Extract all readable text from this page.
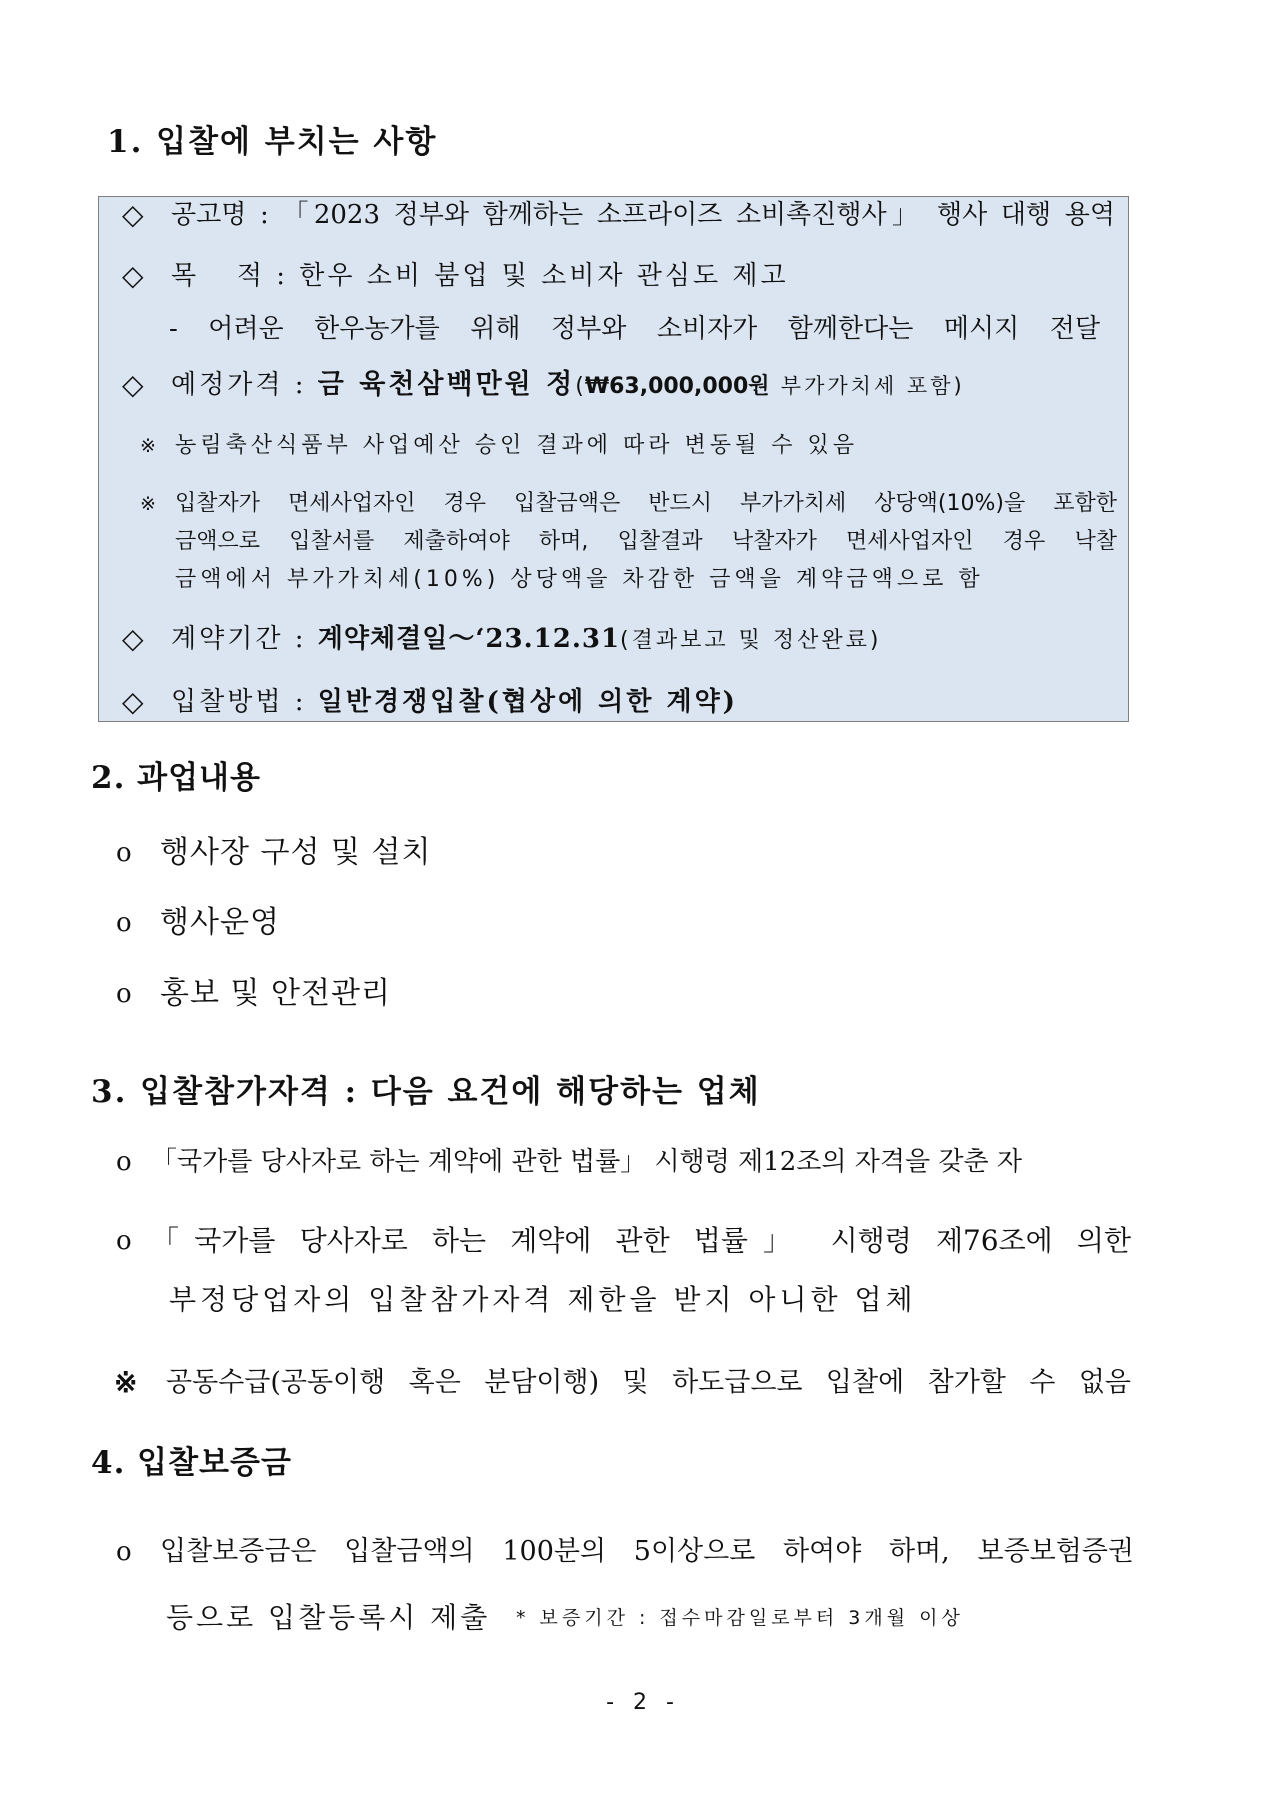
1. 입찰에 부치는 사항
◇ 공고명 : 「2023 정부와 함께하는 소프라이즈 소비촉진행사」 행사 대행 용역
◇ 목 적 : 한우 소비 붐업 및 소비자 관심도 제고
- 어려운 한우농가를 위해 정부와 소비자가 함께한다는 메시지 전달
◇ 예정가격 : 금 육천삼백만원 정(₩63,000,000원 부가가치세 포함)
※ 농림축산식품부 사업예산 승인 결과에 따라 변동될 수 있음
※ 입찰자가 면세사업자인 경우 입찰금액은 반드시 부가가치세 상당액(10%)을 포함한
금액으로 입찰서를 제출하여야 하며, 입찰결과 낙찰자가 면세사업자인 경우 낙찰
금액에서 부가가치세(10%) 상당액을 차감한 금액을 계약금액으로 함
◇ 계약기간 : 계약체결일～‘23.12.31(결과보고 및 정산완료)
◇ 입찰방법 : 일반경쟁입찰(협상에 의한 계약)
2. 과업내용
o 행사장 구성 및 설치
o 행사운영
o 홍보 및 안전관리
3. 입찰참가자격 : 다음 요건에 해당하는 업체
o 「국가를 당사자로 하는 계약에 관한 법률」 시행령 제12조의 자격을 갖춘 자
o 「국가를 당사자로 하는 계약에 관한 법률」 시행령 제76조에 의한
부정당업자의 입찰참가자격 제한을 받지 아니한 업체
※ 공동수급(공동이행 혹은 분담이행) 및 하도급으로 입찰에 참가할 수 없음
4. 입찰보증금
o 입찰보증금은 입찰금액의 100분의 5이상으로 하여야 하며, 보증보험증권
등으로 입찰등록시 제출 * 보증기간 : 접수마감일로부터 3개월 이상
- 2 -
